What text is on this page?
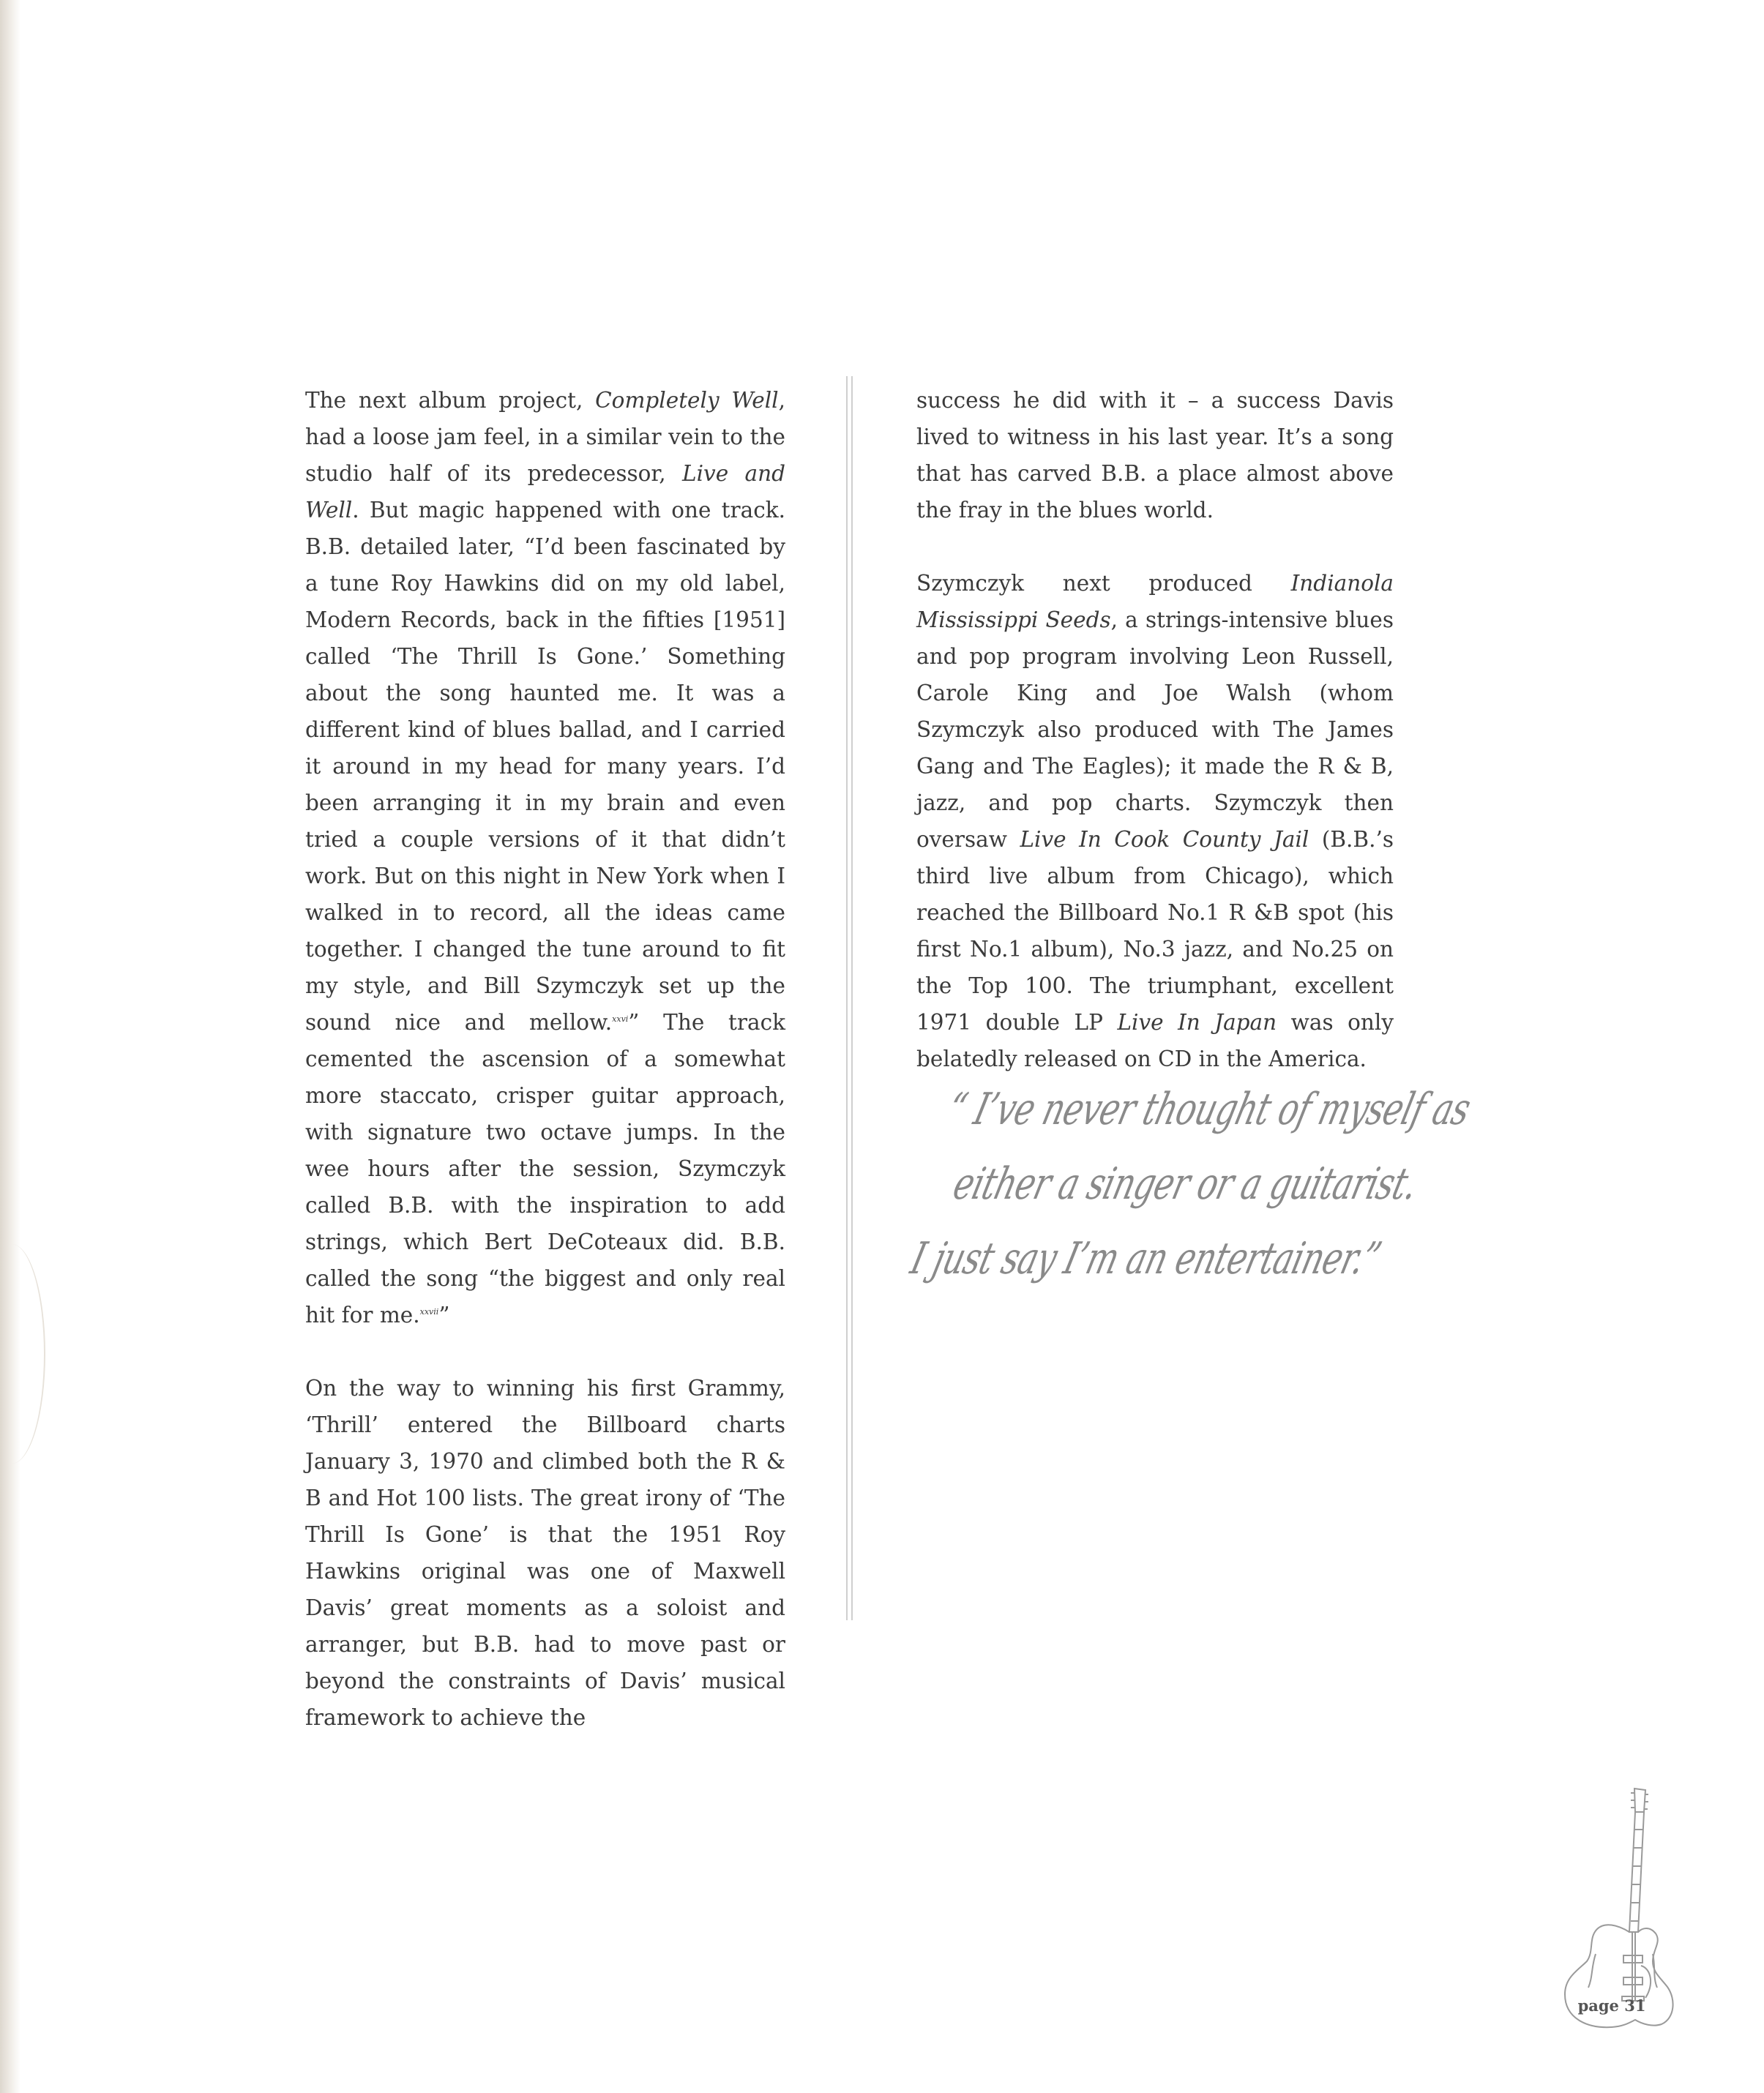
The next album project, Completely Well, had a loose jam feel, in a similar vein to the studio half of its predecessor, Live and Well. But magic happened with one track. B.B. detailed later, “I’d been fascinated by a tune Roy Hawkins did on my old label, Modern Records, back in the fifties [1951] called ‘The Thrill Is Gone.’ Something about the song haunted me. It was a different kind of blues ballad, and I carried it around in my head for many years. I’d been arranging it in my brain and even tried a couple versions of it that didn’t work. But on this night in New York when I walked in to record, all the ideas came together. I changed the tune around to fit my style, and Bill Szymczyk set up the sound nice and mellow.$^{xxvi}$” The track cemented the ascension of a somewhat more staccato, crisper guitar approach, with signature two octave jumps. In the wee hours after the session, Szymczyk called B.B. with the inspiration to add strings, which Bert DeCoteaux did. B.B. called the song “the biggest and only real hit for me.$^{xxvii}$”

On the way to winning his first Grammy, ‘Thrill’ entered the Billboard charts January 3, 1970 and climbed both the R & B and Hot 100 lists. The great irony of ‘The Thrill Is Gone’ is that the 1951 Roy Hawkins original was one of Maxwell Davis’ great moments as a soloist and arranger, but B.B. had to move past or beyond the constraints of Davis’ musical framework to achieve the

success he did with it – a success Davis lived to witness in his last year. It’s a song that has carved B.B. a place almost above the fray in the blues world.

Szymczyk next produced Indianola Mississippi Seeds, a strings-intensive blues and pop program involving Leon Russell, Carole King and Joe Walsh (whom Szymczyk also produced with The James Gang and The Eagles); it made the R & B, jazz, and pop charts. Szymczyk then oversaw Live In Cook County Jail (B.B.’s third live album from Chicago), which reached the Billboard No.1 R &B spot (his first No.1 album), No.3 jazz, and No.25 on the Top 100. The triumphant, excellent 1971 double LP Live In Japan was only belatedly released on CD in the America.

“ I’ve never thought of myself as
either a singer or a guitarist.
I just say I’m an entertainer.”
page 31
